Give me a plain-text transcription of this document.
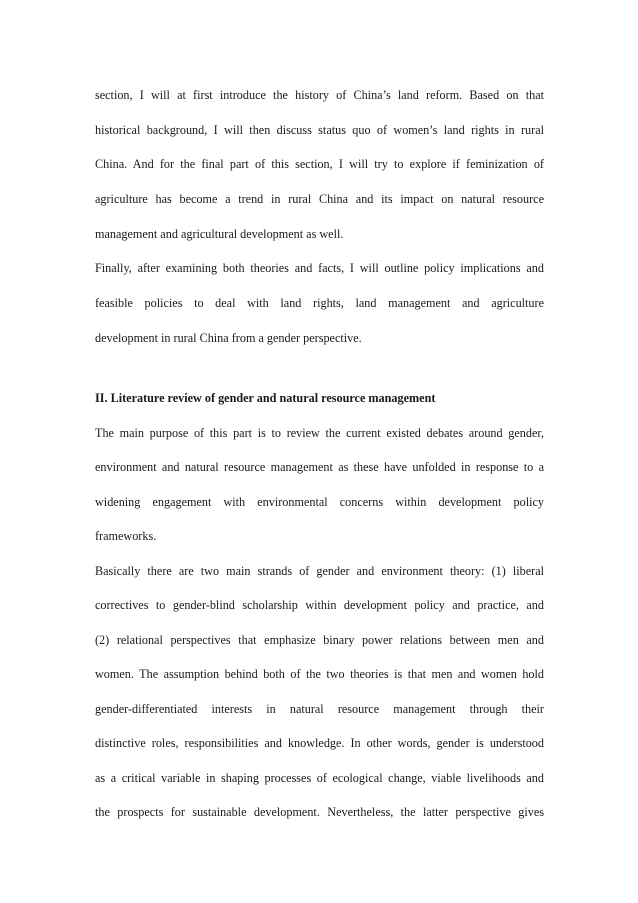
section, I will at first introduce the history of China’s land reform. Based on that
historical background, I will then discuss status quo of women’s land rights in rural
China. And for the final part of this section, I will try to explore if feminization of
agriculture has become a trend in rural China and its impact on natural resource
management and agricultural development as well.
Finally, after examining both theories and facts, I will outline policy implications and
feasible policies to deal with land rights, land management and agriculture
development in rural China from a gender perspective.
II. Literature review of gender and natural resource management
The main purpose of this part is to review the current existed debates around gender,
environment and natural resource management as these have unfolded in response to a
widening engagement with environmental concerns within development policy
frameworks.
Basically there are two main strands of gender and environment theory: (1) liberal
correctives to gender-blind scholarship within development policy and practice, and
(2) relational perspectives that emphasize binary power relations between men and
women. The assumption behind both of the two theories is that men and women hold
gender-differentiated interests in natural resource management through their
distinctive roles, responsibilities and knowledge. In other words, gender is understood
as a critical variable in shaping processes of ecological change, viable livelihoods and
the prospects for sustainable development. Nevertheless, the latter perspective gives
